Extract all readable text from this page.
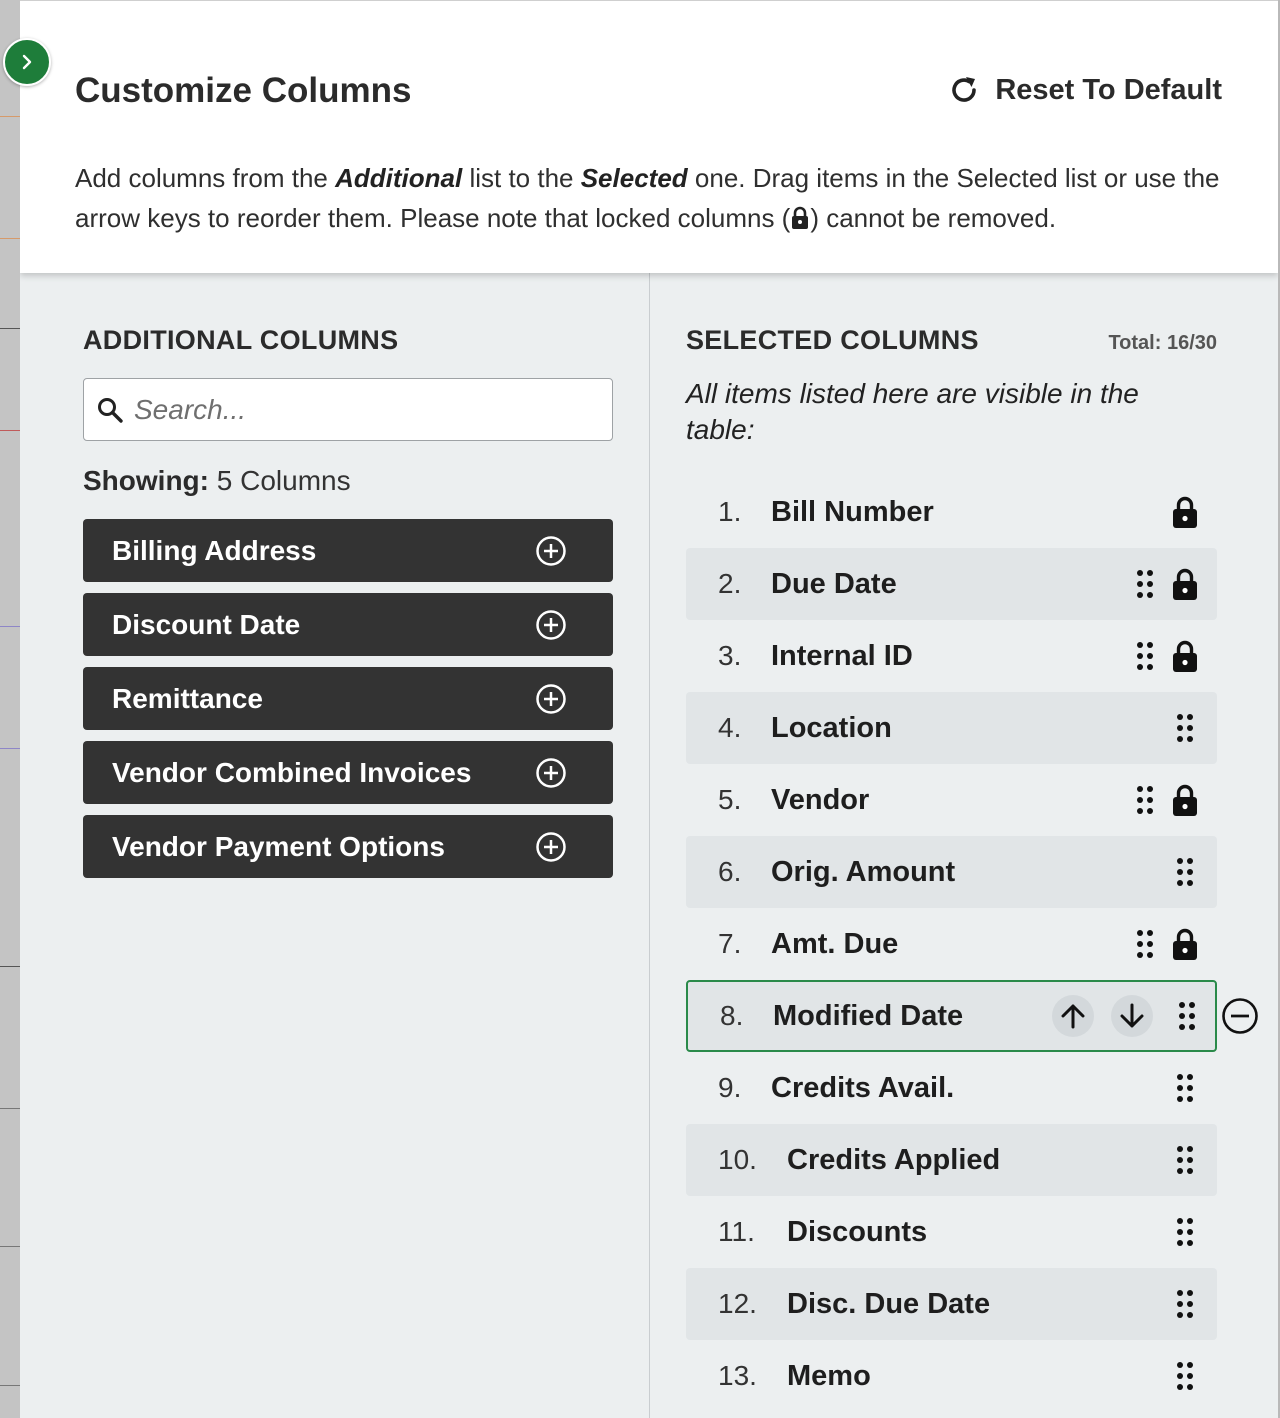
Customize Columns	Reset To Default
Add columns from the Additional list to the Selected one. Drag items in the Selected list or use the arrow keys to reorder them. Please note that locked columns ( ) cannot be removed.
ADDITIONAL COLUMNS
Search...
Showing: 5 Columns
Billing Address
Discount Date
Remittance
Vendor Combined Invoices
Vendor Payment Options
SELECTED COLUMNS	Total: 16/30
All items listed here are visible in the table:
1. Bill Number
2. Due Date
3. Internal ID
4. Location
5. Vendor
6. Orig. Amount
7. Amt. Due
8. Modified Date
9. Credits Avail.
10. Credits Applied
11. Discounts
12. Disc. Due Date
13. Memo
